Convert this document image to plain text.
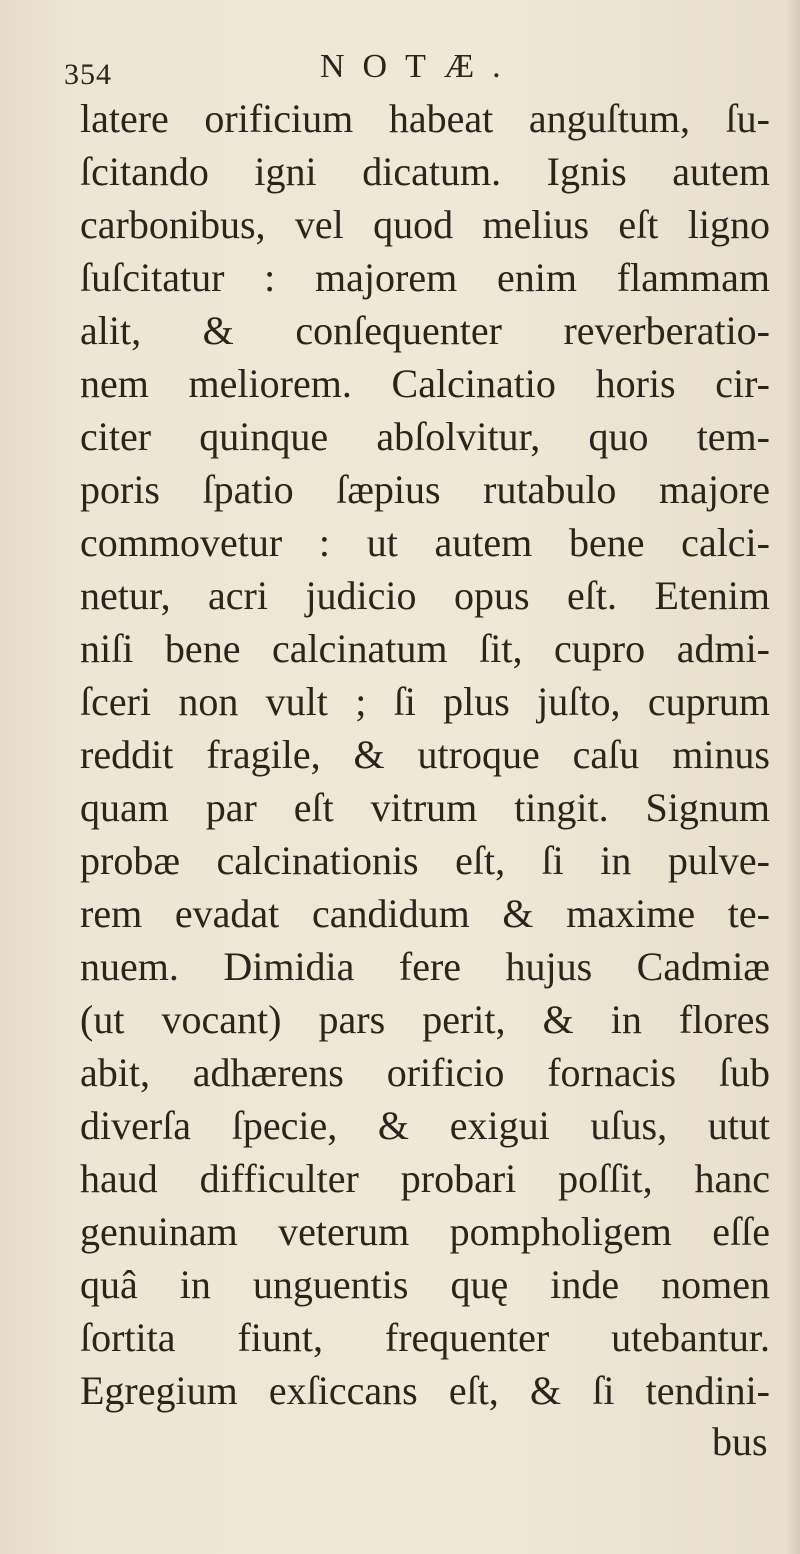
354	NOTÆ.
latere orificium habeat anguſtum, ſu-
ſcitando igni dicatum. Ignis autem
carbonibus, vel quod melius eſt ligno
ſuſcitatur : majorem enim flammam
alit, & conſequenter reverberatio-
nem meliorem. Calcinatio horis cir-
citer quinque abſolvitur, quo tem-
poris ſpatio ſæpius rutabulo majore
commovetur : ut autem bene calci-
netur, acri judicio opus eſt. Etenim
niſi bene calcinatum ſit, cupro admi-
ſceri non vult ; ſi plus juſto, cuprum
reddit fragile, & utroque caſu minus
quam par eſt vitrum tingit. Signum
probæ calcinationis eſt, ſi in pulve-
rem evadat candidum & maxime te-
nuem. Dimidia fere hujus Cadmiæ
(ut vocant) pars perit, & in flores
abit, adhærens orificio fornacis ſub
diverſa ſpecie, & exigui uſus, utut
haud difficulter probari poſſit, hanc
genuinam veterum pompholigem eſſe
quâ in unguentis quę inde nomen
ſortita fiunt, frequenter utebantur.
Egregium exſiccans eſt, & ſi tendini-
bus
